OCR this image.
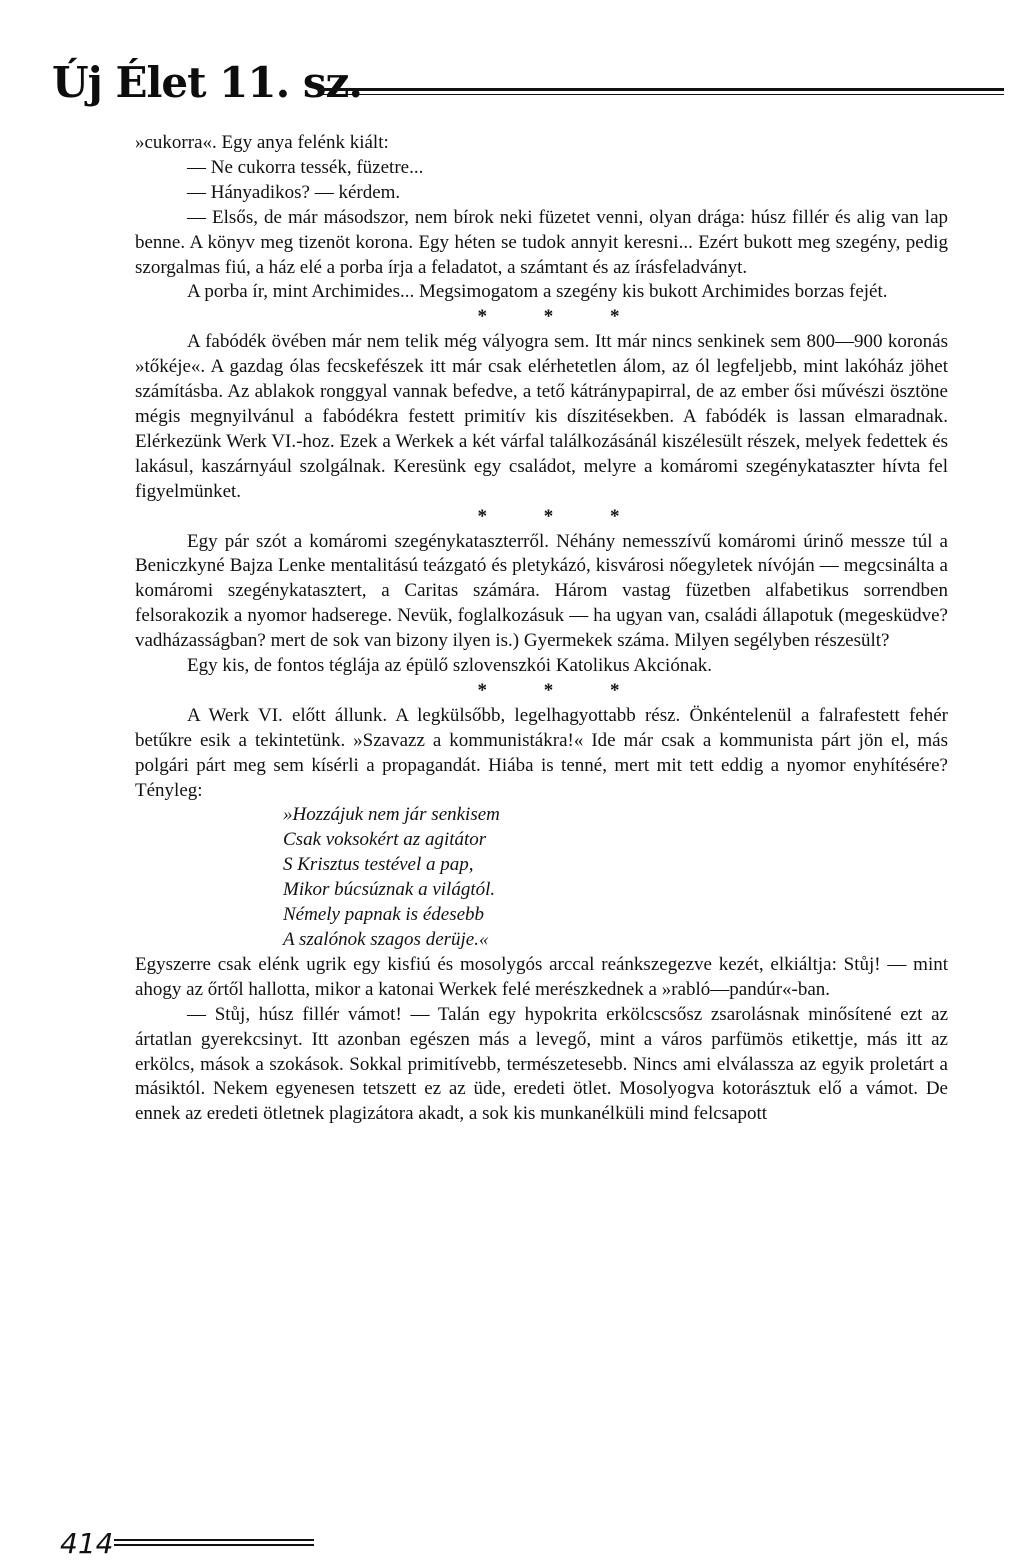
Új Élet 11. sz.

»cukorra«. Egy anya felénk kiált:

— Ne cukorra tessék, füzetre...

— Hányadikos? — kérdem.

— Elsős, de már másodszor, nem bírok neki füzetet venni, olyan drága: húsz fillér és alig van lap benne. A könyv meg tizenöt korona. Egy héten se tudok annyit keresni... Ezért bukott meg szegény, pedig szorgalmas fiú, a ház elé a porba írja a feladatot, a számtant és az írásfeladványt.

A porba ír, mint Archimides... Megsimogatom a szegény kis bukott Archimides borzas fejét.

* * *

A fabódék övében már nem telik még vályogra sem. Itt már nincs senkinek sem 800—900 koronás »tőkéje«. A gazdag ólas fecskefészek itt már csak elérhetetlen álom, az ól legfeljebb, mint lakóház jöhet számításba. Az ablakok ronggyal vannak befedve, a tető kátránypapirral, de az ember ősi művészi ösztöne mégis megnyilvánul a fabódékra festett primitív kis díszitésekben. A fabódék is lassan elmaradnak. Elérkezünk Werk VI.-hoz. Ezek a Werkek a két várfal találkozásánál kiszélesült részek, melyek fedettek és lakásul, kaszárnyául szolgálnak. Keresünk egy családot, melyre a komáromi szegénykataszter hívta fel figyelmünket.

* * *

Egy pár szót a komáromi szegénykataszterről. Néhány nemesszívű komáromi úrinő messze túl a Beniczkyné Bajza Lenke mentalitású teázgató és pletykázó, kisvárosi nőegyletek nívóján — megcsinálta a komáromi szegénykatasztert, a Caritas számára. Három vastag füzetben alfabetikus sorrendben felsorakozik a nyomor hadserege. Nevük, foglalkozásuk — ha ugyan van, családi állapotuk (megesküdve? vadházasságban? mert de sok van bizony ilyen is.) Gyermekek száma. Milyen segélyben részesült?

Egy kis, de fontos téglája az épülő szlovenszkói Katolikus Akciónak.

* * *

A Werk VI. előtt állunk. A legkülsőbb, legelhagyottabb rész. Önkéntelenül a falrafestett fehér betűkre esik a tekintetünk. »Szavazz a kommunistákra!« Ide már csak a kommunista párt jön el, más polgári párt meg sem kísérli a propagandát. Hiába is tenné, mert mit tett eddig a nyomor enyhítésére? Tényleg:

»Hozzájuk nem jár senkisem
Csak voksokért az agitátor
S Krisztus testével a pap,
Mikor búcsúznak a világtól.
Némely papnak is édesebb
A szalónok szagos derüje.«

Egyszerre csak elénk ugrik egy kisfiú és mosolygós arccal reánkszegezve kezét, elkiáltja: Stůj! — mint ahogy az őrtől hallotta, mikor a katonai Werkek felé merészkednek a »rabló—pandúr«-ban.

— Stůj, húsz fillér vámot! — Talán egy hypokrita erkölcscsősz zsarolásnak minősítené ezt az ártatlan gyerekcsinyt. Itt azonban egészen más a levegő, mint a város parfümös etikettje, más itt az erkölcs, mások a szokások. Sokkal primitívebb, természetesebb. Nincs ami elválassza az egyik proletárt a másiktól. Nekem egyenesen tetszett ez az üde, eredeti ötlet. Mosolyogva kotorásztuk elő a vámot. De ennek az eredeti ötletnek plagizátora akadt, a sok kis munkanélküli mind felcsapott

414
